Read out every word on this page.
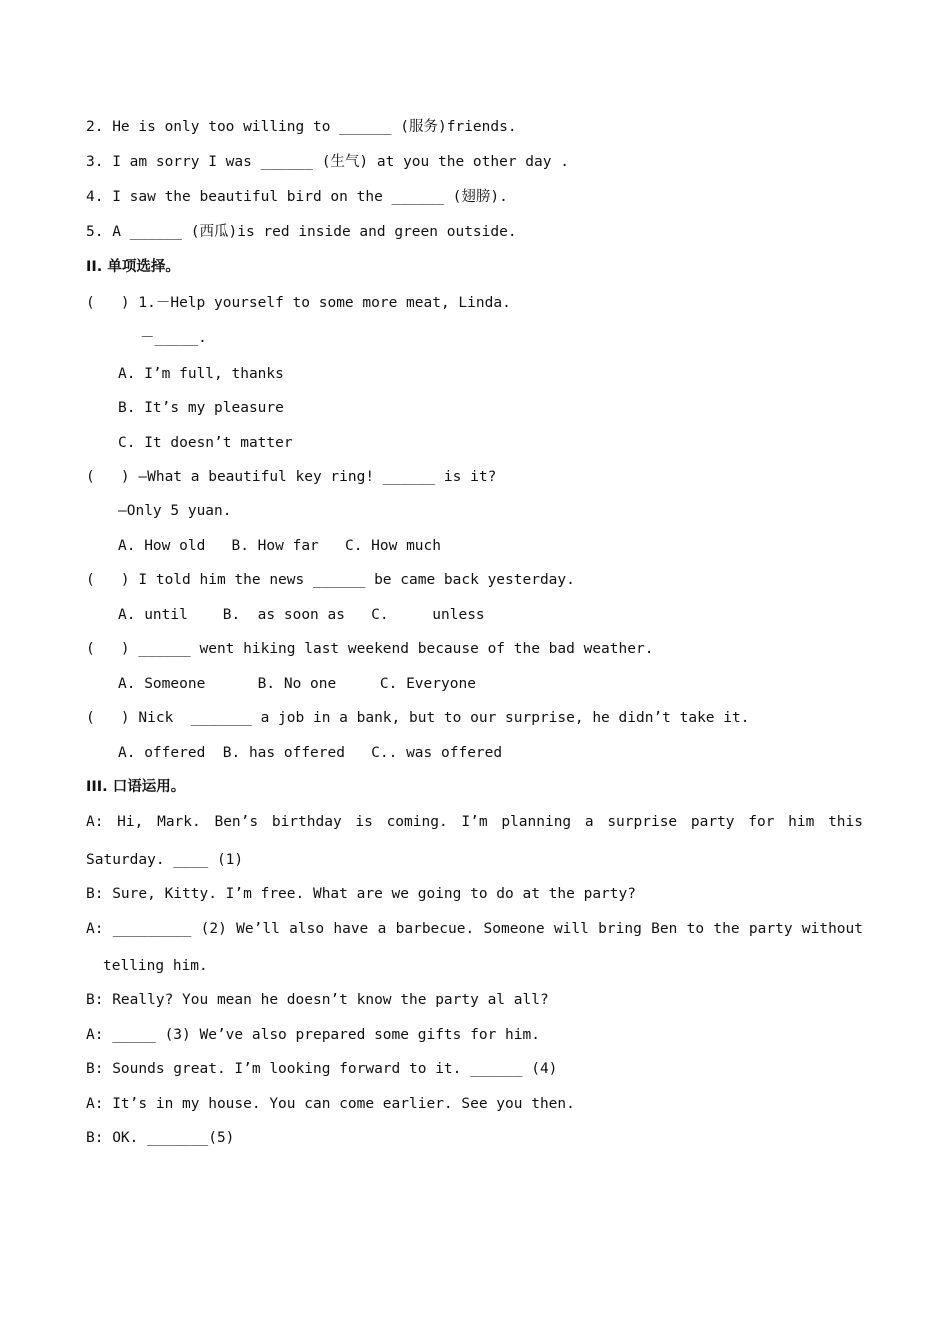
2. He is only too willing to ______ (服务)friends.
3. I am sorry I was ______ (生气) at you the other day .
4. I saw the beautiful bird on the ______ (翅膀).
5. A ______ (西瓜)is red inside and green outside.
II. 单项选择。
(   ) 1.－Help yourself to some more meat, Linda.
－_____.
A. I’m full, thanks
B. It’s my pleasure
C. It doesn’t matter
(   ) —What a beautiful key ring! ______ is it?
—Only 5 yuan.
A. How old   B. How far   C. How much
(   ) I told him the news ______ be came back yesterday.
A. until    B.  as soon as   C.     unless
(   ) ______ went hiking last weekend because of the bad weather.
A. Someone      B. No one     C. Everyone
(   ) Nick  _______ a job in a bank, but to our surprise, he didn’t take it.
A. offered  B. has offered   C.. was offered
III. 口语运用。
A: Hi, Mark. Ben’s birthday is coming. I’m planning a surprise party for him this
Saturday. ____ (1)
B: Sure, Kitty. I’m free. What are we going to do at the party?
A: _________ (2) We’ll also have a barbecue. Someone will bring Ben to the party without
telling him.
B: Really? You mean he doesn’t know the party al all?
A: _____ (3) We’ve also prepared some gifts for him.
B: Sounds great. I’m looking forward to it. ______ (4)
A: It’s in my house. You can come earlier. See you then.
B: OK. _______(5)
